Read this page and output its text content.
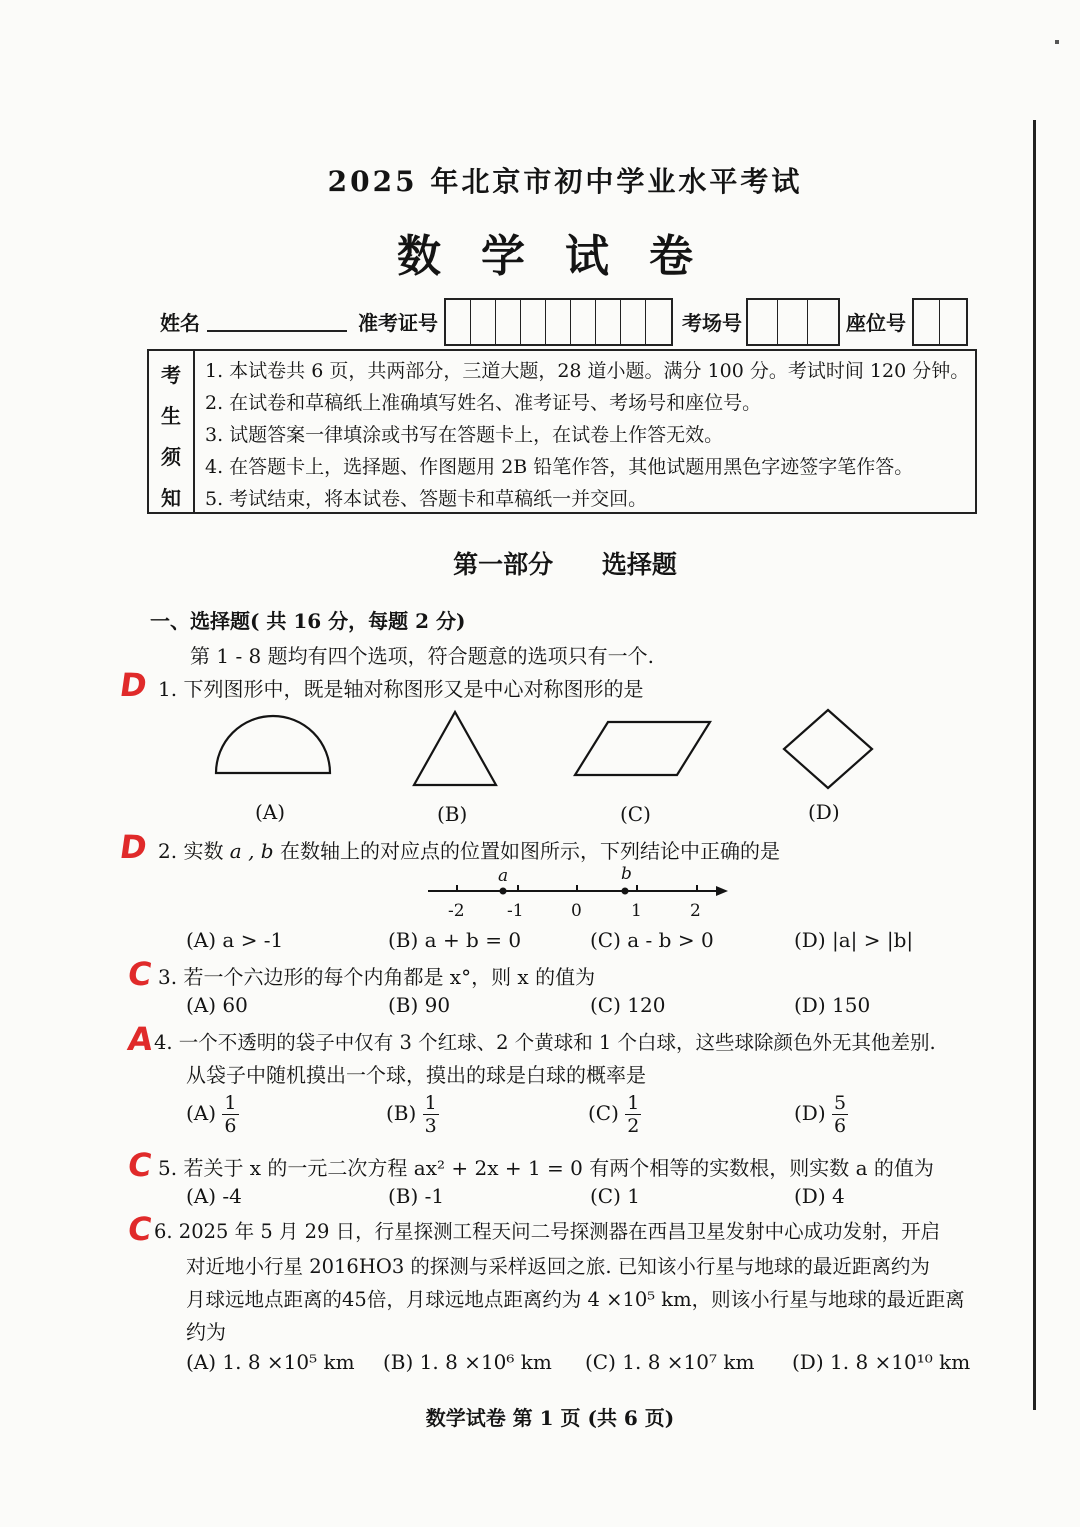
2025 年北京市初中学业水平考试
数学试卷
姓名	准考证号	考场号	座位号
考
生
须
知
1. 本试卷共 6 页，共两部分，三道大题，28 道小题。满分 100 分。考试时间 120 分钟。
2. 在试卷和草稿纸上准确填写姓名、准考证号、考场号和座位号。
3. 试题答案一律填涂或书写在答题卡上，在试卷上作答无效。
4. 在答题卡上，选择题、作图题用 2B 铅笔作答，其他试题用黑色字迹签字笔作答。
5. 考试结束，将本试卷、答题卡和草稿纸一并交回。
第一部分 选择题
一、选择题( 共 16 分，每题 2 分)
第 1 - 8 题均有四个选项，符合题意的选项只有一个.
D 1. 下列图形中，既是轴对称图形又是中心对称图形的是
(A)	(B)	(C)	(D)
D 2. 实数 a , b 在数轴上的对应点的位置如图所示，下列结论中正确的是
a	b
-2 -1	0	1	2
(A) a > -1	(B) a + b = 0	(C) a - b > 0	(D) |a| > |b|
C 3. 若一个六边形的每个内角都是 x°，则 x 的值为
(A) 60	(B) 90	(C) 120	(D) 150
A
4. 一个不透明的袋子中仅有 3 个红球、2 个黄球和 1 个白球，这些球除颜色外无其他差别.
从袋子中随机摸出一个球，摸出的球是白球的概率是
$(A) \frac{1}{6}$	$(B) \frac{1}{3}$	$(C) \frac{1}{2}$	$(D) \frac{5}{6}$
C 5. 若关于 x 的一元二次方程 ax² + 2x + 1 = 0 有两个相等的实数根，则实数 a 的值为
(A) -4	(B) -1	(C) 1	(D) 4
C 6. 2025 年 5 月 29 日，行星探测工程天问二号探测器在西昌卫星发射中心成功发射，开启
对近地小行星 2016HO3 的探测与采样返回之旅. 已知该小行星与地球的最近距离约为
月球远地点距离的45倍，月球远地点距离约为 4 ×10⁵ km，则该小行星与地球的最近距离
约为
(A) 1. 8 ×10⁵ km (B) 1. 8 ×10⁶ km (C) 1. 8 ×10⁷ km (D) 1. 8 ×10¹⁰ km
数学试卷 第 1 页 (共 6 页)
